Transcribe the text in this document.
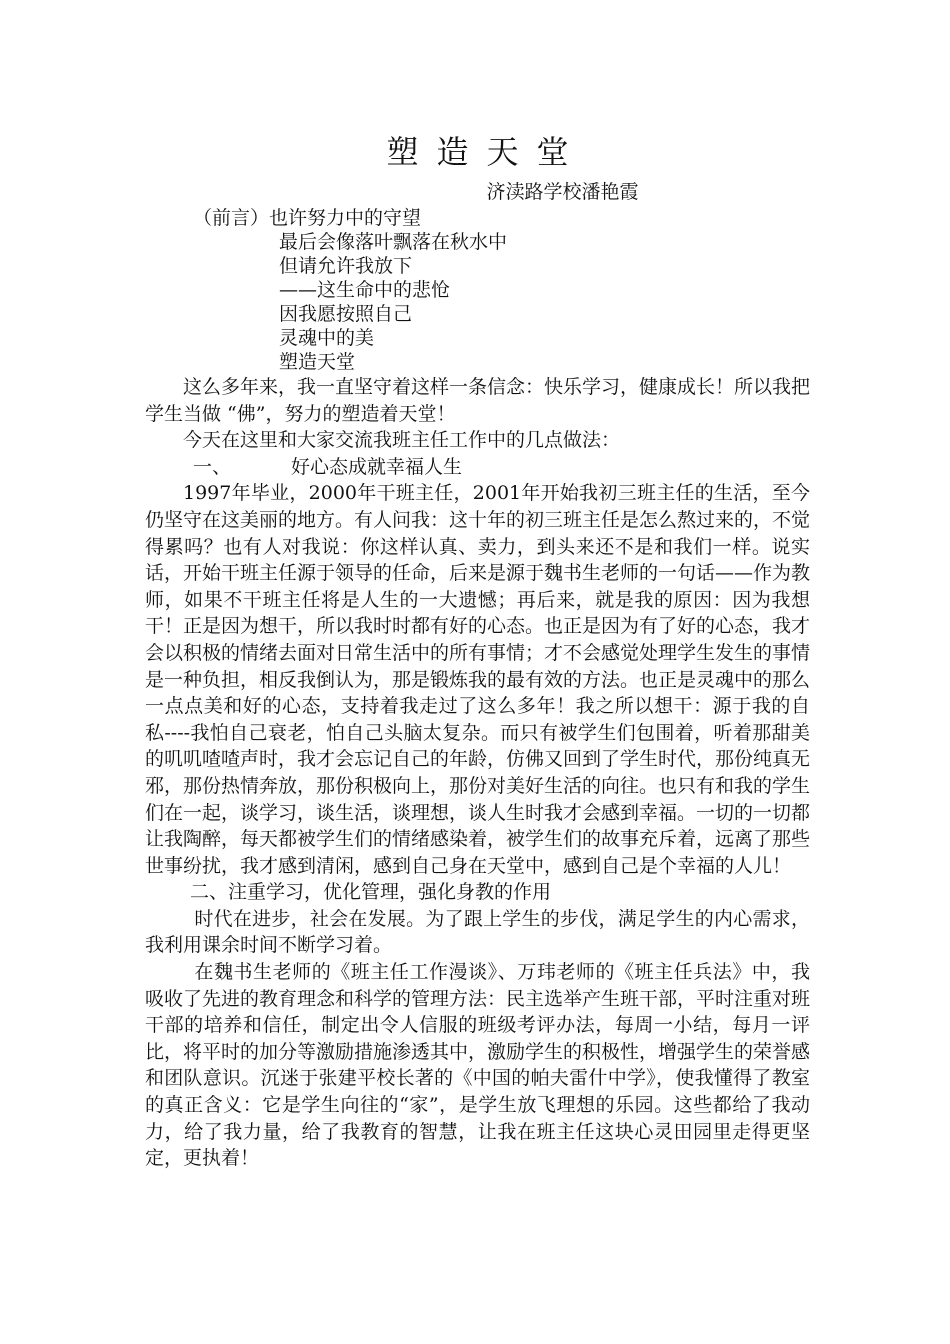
塑造天堂
济渎路学校潘艳霞
（前言）也许努力中的守望
最后会像落叶飘落在秋水中
但请允许我放下
——这生命中的悲怆
因我愿按照自己
灵魂中的美
塑造天堂

这么多年来，我一直坚守着这样一条信念：快乐学习，健康成长！所以我把学生当做 “佛”，努力的塑造着天堂！

今天在这里和大家交流我班主任工作中的几点做法：

一、	好心态成就幸福人生

1997年毕业，2000年干班主任，2001年开始我初三班主任的生活，至今仍坚守在这美丽的地方。有人问我：这十年的初三班主任是怎么熬过来的，不觉得累吗？也有人对我说：你这样认真、卖力，到头来还不是和我们一样。说实话，开始干班主任源于领导的任命，后来是源于魏书生老师的一句话——作为教师，如果不干班主任将是人生的一大遗憾；再后来，就是我的原因：因为我想干！正是因为想干，所以我时时都有好的心态。也正是因为有了好的心态，我才会以积极的情绪去面对日常生活中的所有事情；才不会感觉处理学生发生的事情是一种负担，相反我倒认为，那是锻炼我的最有效的方法。也正是灵魂中的那么一点点美和好的心态，支持着我走过了这么多年！我之所以想干：源于我的自私----我怕自己衰老，怕自己头脑太复杂。而只有被学生们包围着，听着那甜美的叽叽喳喳声时，我才会忘记自己的年龄，仿佛又回到了学生时代，那份纯真无邪，那份热情奔放，那份积极向上，那份对美好生活的向往。也只有和我的学生们在一起，谈学习，谈生活，谈理想，谈人生时我才会感到幸福。一切的一切都让我陶醉，每天都被学生们的情绪感染着，被学生们的故事充斥着，远离了那些世事纷扰，我才感到清闲，感到自己身在天堂中，感到自己是个幸福的人儿！

二、注重学习，优化管理，强化身教的作用

时代在进步，社会在发展。为了跟上学生的步伐，满足学生的内心需求，我利用课余时间不断学习着。

在魏书生老师的《班主任工作漫谈》、万玮老师的《班主任兵法》中，我吸收了先进的教育理念和科学的管理方法：民主选举产生班干部，平时注重对班干部的培养和信任，制定出令人信服的班级考评办法，每周一小结，每月一评比，将平时的加分等激励措施渗透其中，激励学生的积极性，增强学生的荣誉感和团队意识。沉迷于张建平校长著的《中国的帕夫雷什中学》，使我懂得了教室的真正含义：它是学生向往的“家”，是学生放飞理想的乐园。这些都给了我动力，给了我力量，给了我教育的智慧，让我在班主任这块心灵田园里走得更坚定，更执着！
